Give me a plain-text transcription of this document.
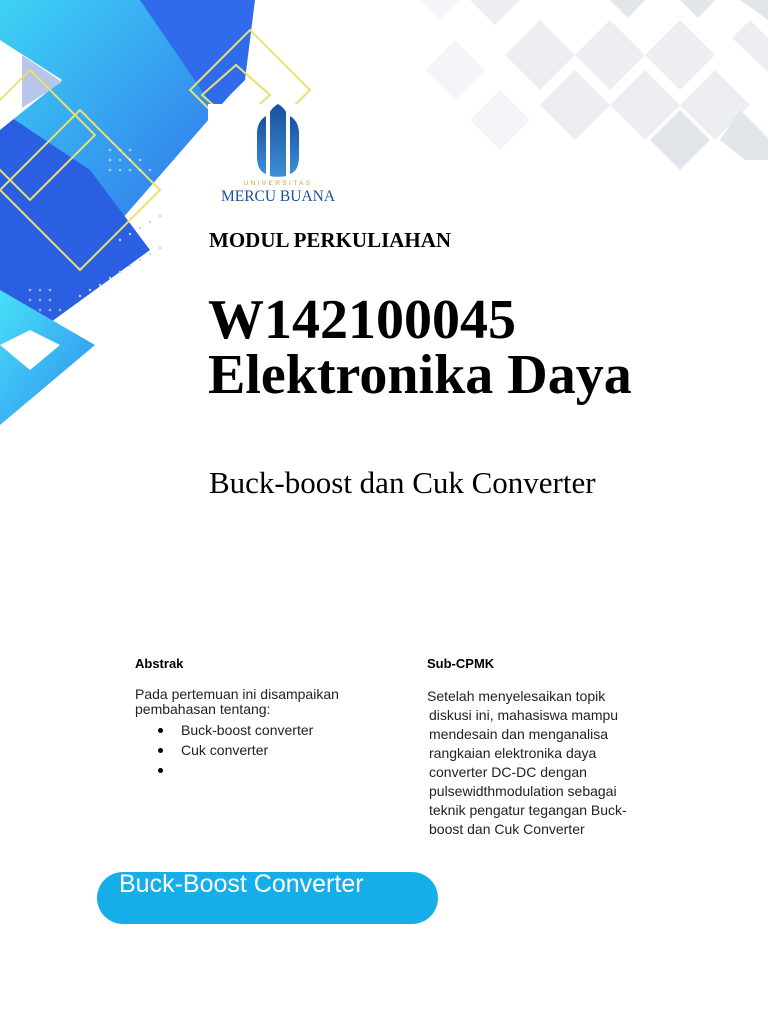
UNIVERSITAS
MERCU BUANA
MODUL PERKULIAHAN
W142100045
Elektronika Daya
Buck-boost dan Cuk Converter
Abstrak
Pada pertemuan ini disampaikan pembahasan tentang:
Buck-boost converter
Cuk converter
Sub-CPMK
Setelah menyelesaikan topik
diskusi ini, mahasiswa mampu
mendesain dan menganalisa
rangkaian elektronika daya
converter DC-DC dengan
pulsewidthmodulation sebagai
teknik pengatur tegangan Buck-
boost dan Cuk Converter
Buck-Boost Converter
